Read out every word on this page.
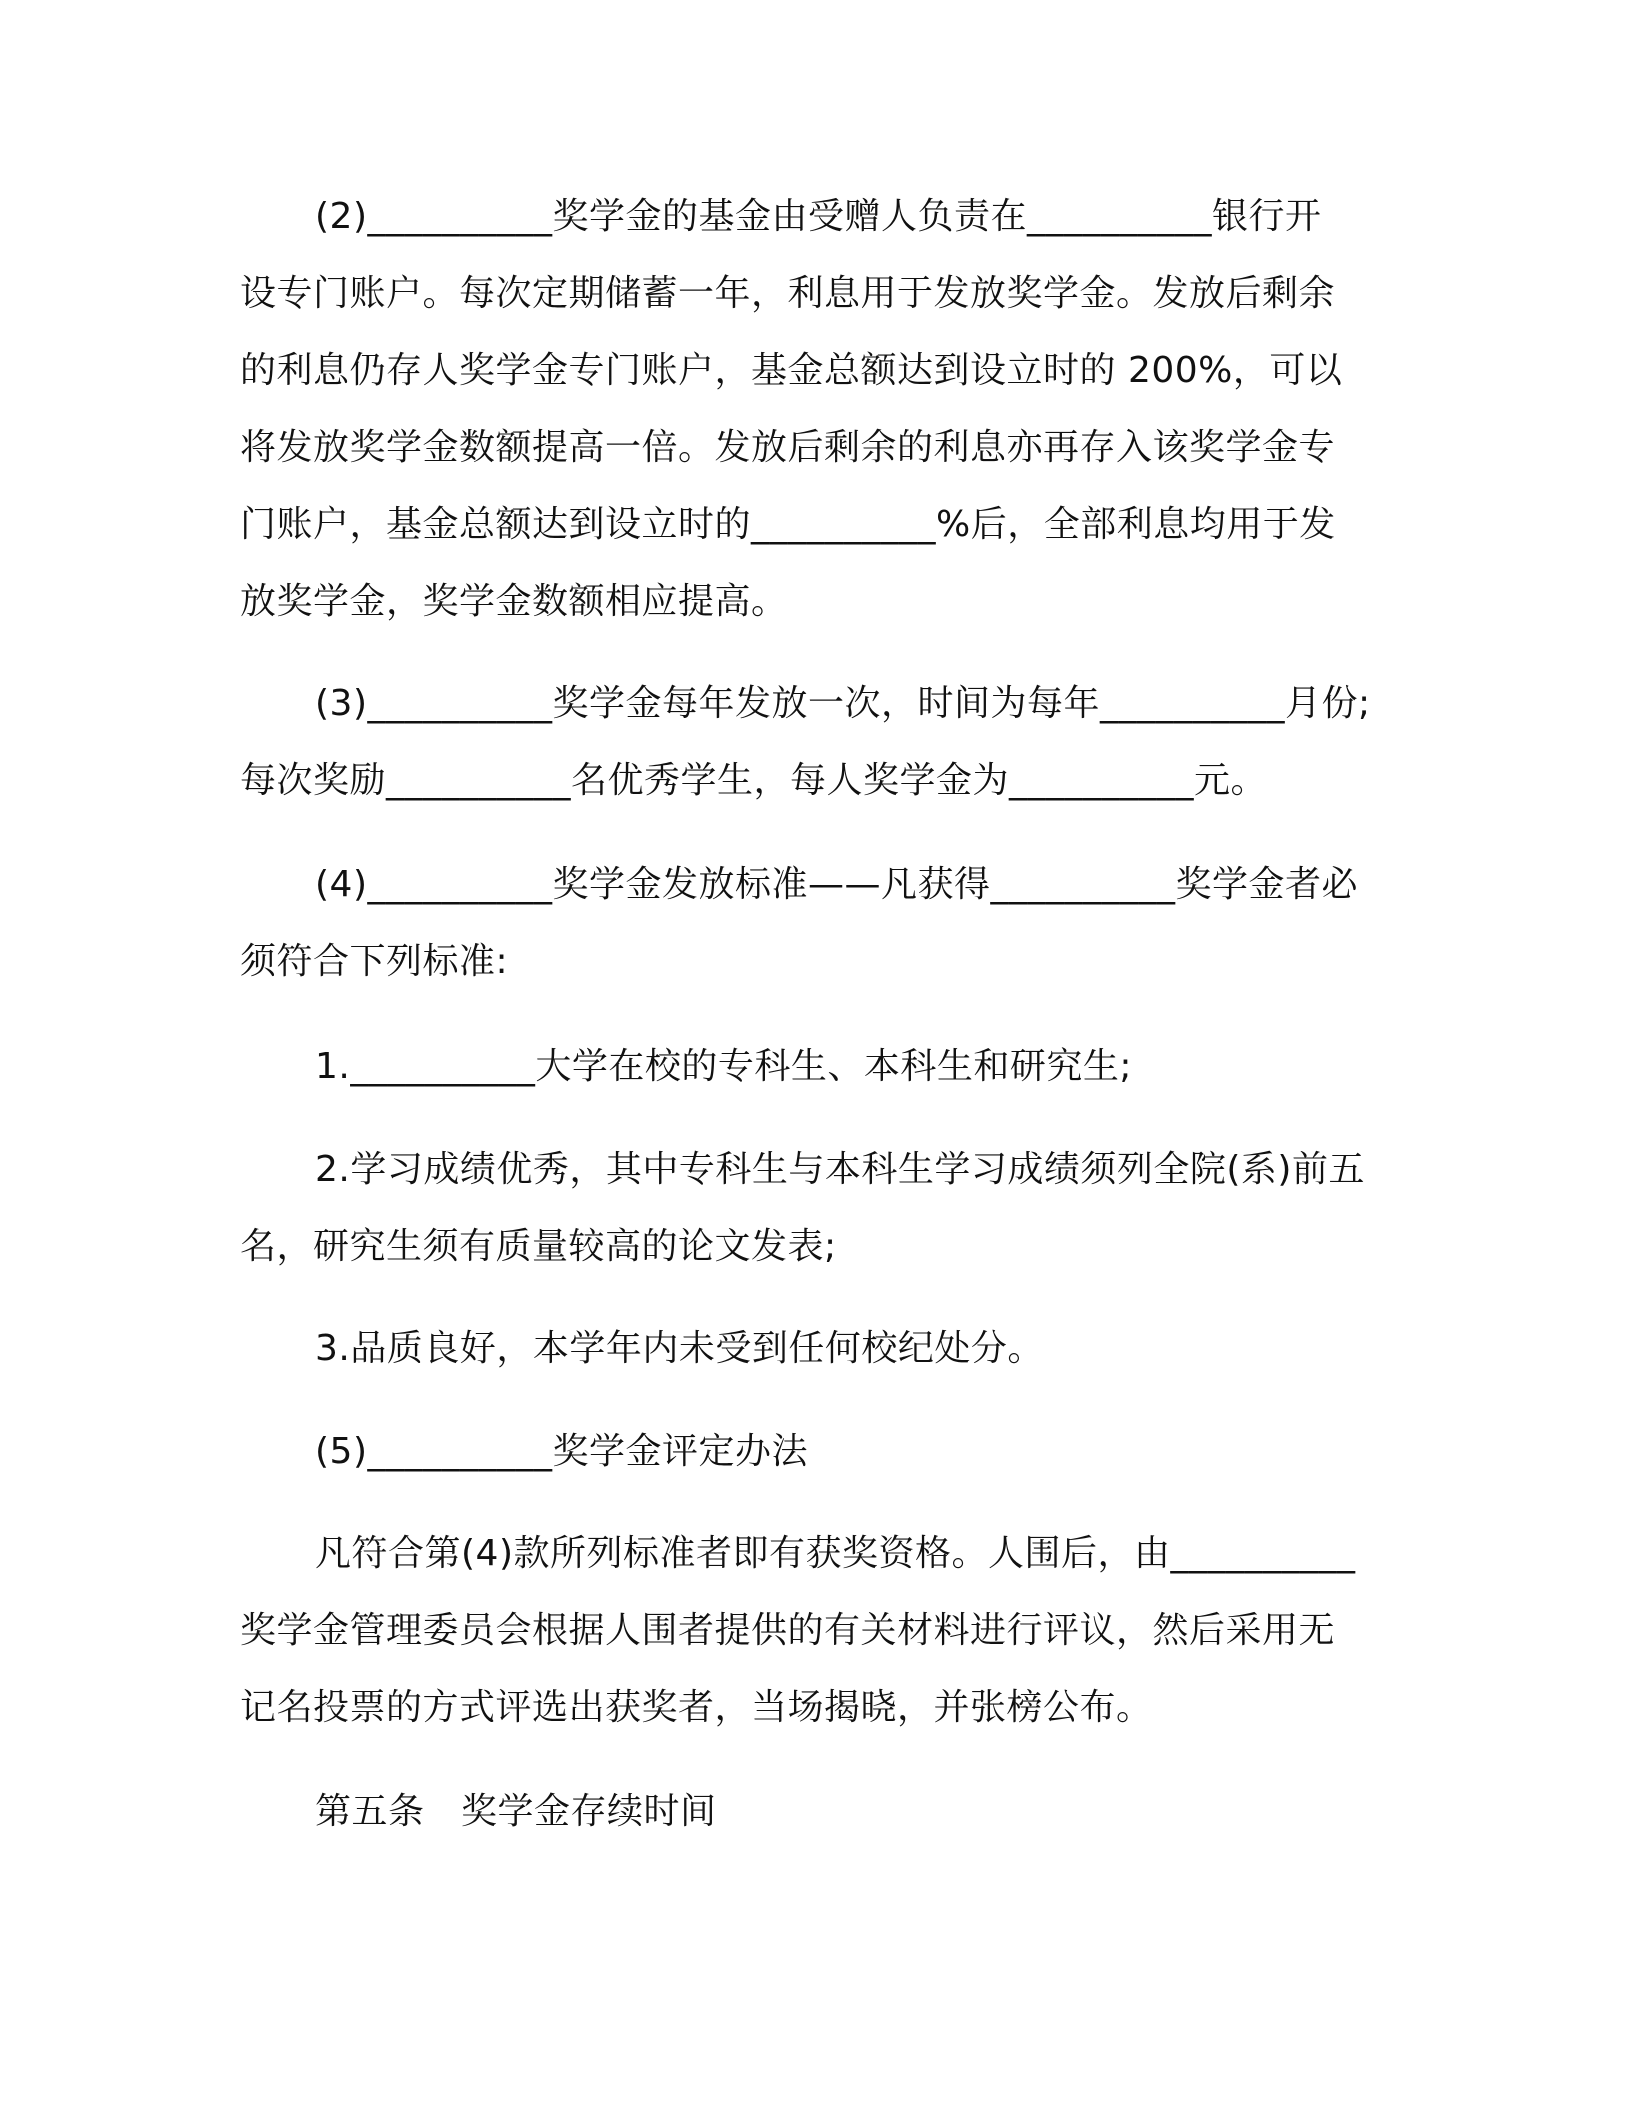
(2)__________奖学金的基金由受赠人负责在__________银行开
设专门账户。每次定期储蓄一年，利息用于发放奖学金。发放后剩余
的利息仍存人奖学金专门账户，基金总额达到设立时的 200%，可以
将发放奖学金数额提高一倍。发放后剩余的利息亦再存入该奖学金专
门账户，基金总额达到设立时的__________%后，全部利息均用于发
放奖学金，奖学金数额相应提高。
(3)__________奖学金每年发放一次，时间为每年__________月份;
每次奖励__________名优秀学生，每人奖学金为__________元。
(4)__________奖学金发放标准——凡获得__________奖学金者必
须符合下列标准:
1.__________大学在校的专科生、本科生和研究生;
2.学习成绩优秀，其中专科生与本科生学习成绩须列全院(系)前五
名，研究生须有质量较高的论文发表;
3.品质良好，本学年内未受到任何校纪处分。
(5)__________奖学金评定办法
凡符合第(4)款所列标准者即有获奖资格。人围后，由__________
奖学金管理委员会根据人围者提供的有关材料进行评议，然后采用无
记名投票的方式评选出获奖者，当场揭晓，并张榜公布。
第五条　奖学金存续时间
